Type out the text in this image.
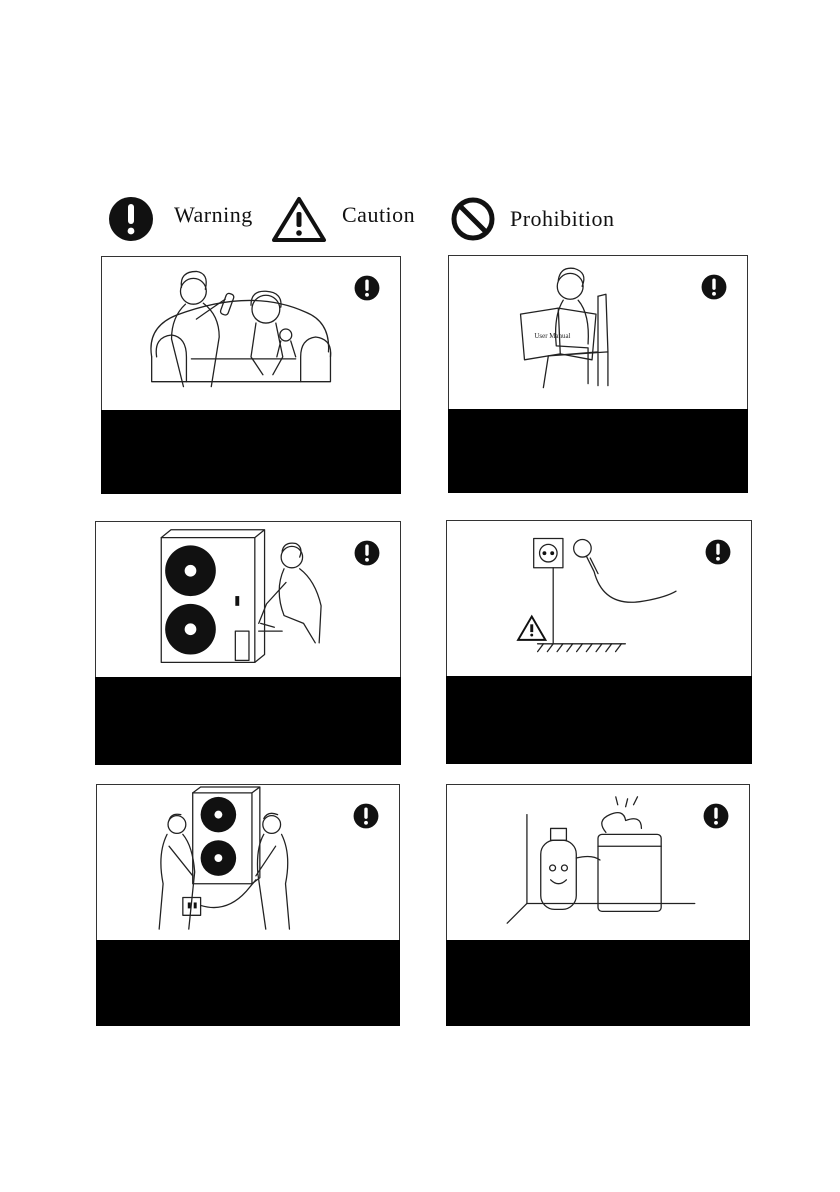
Warning	Caution	Prohibition
User Manual
